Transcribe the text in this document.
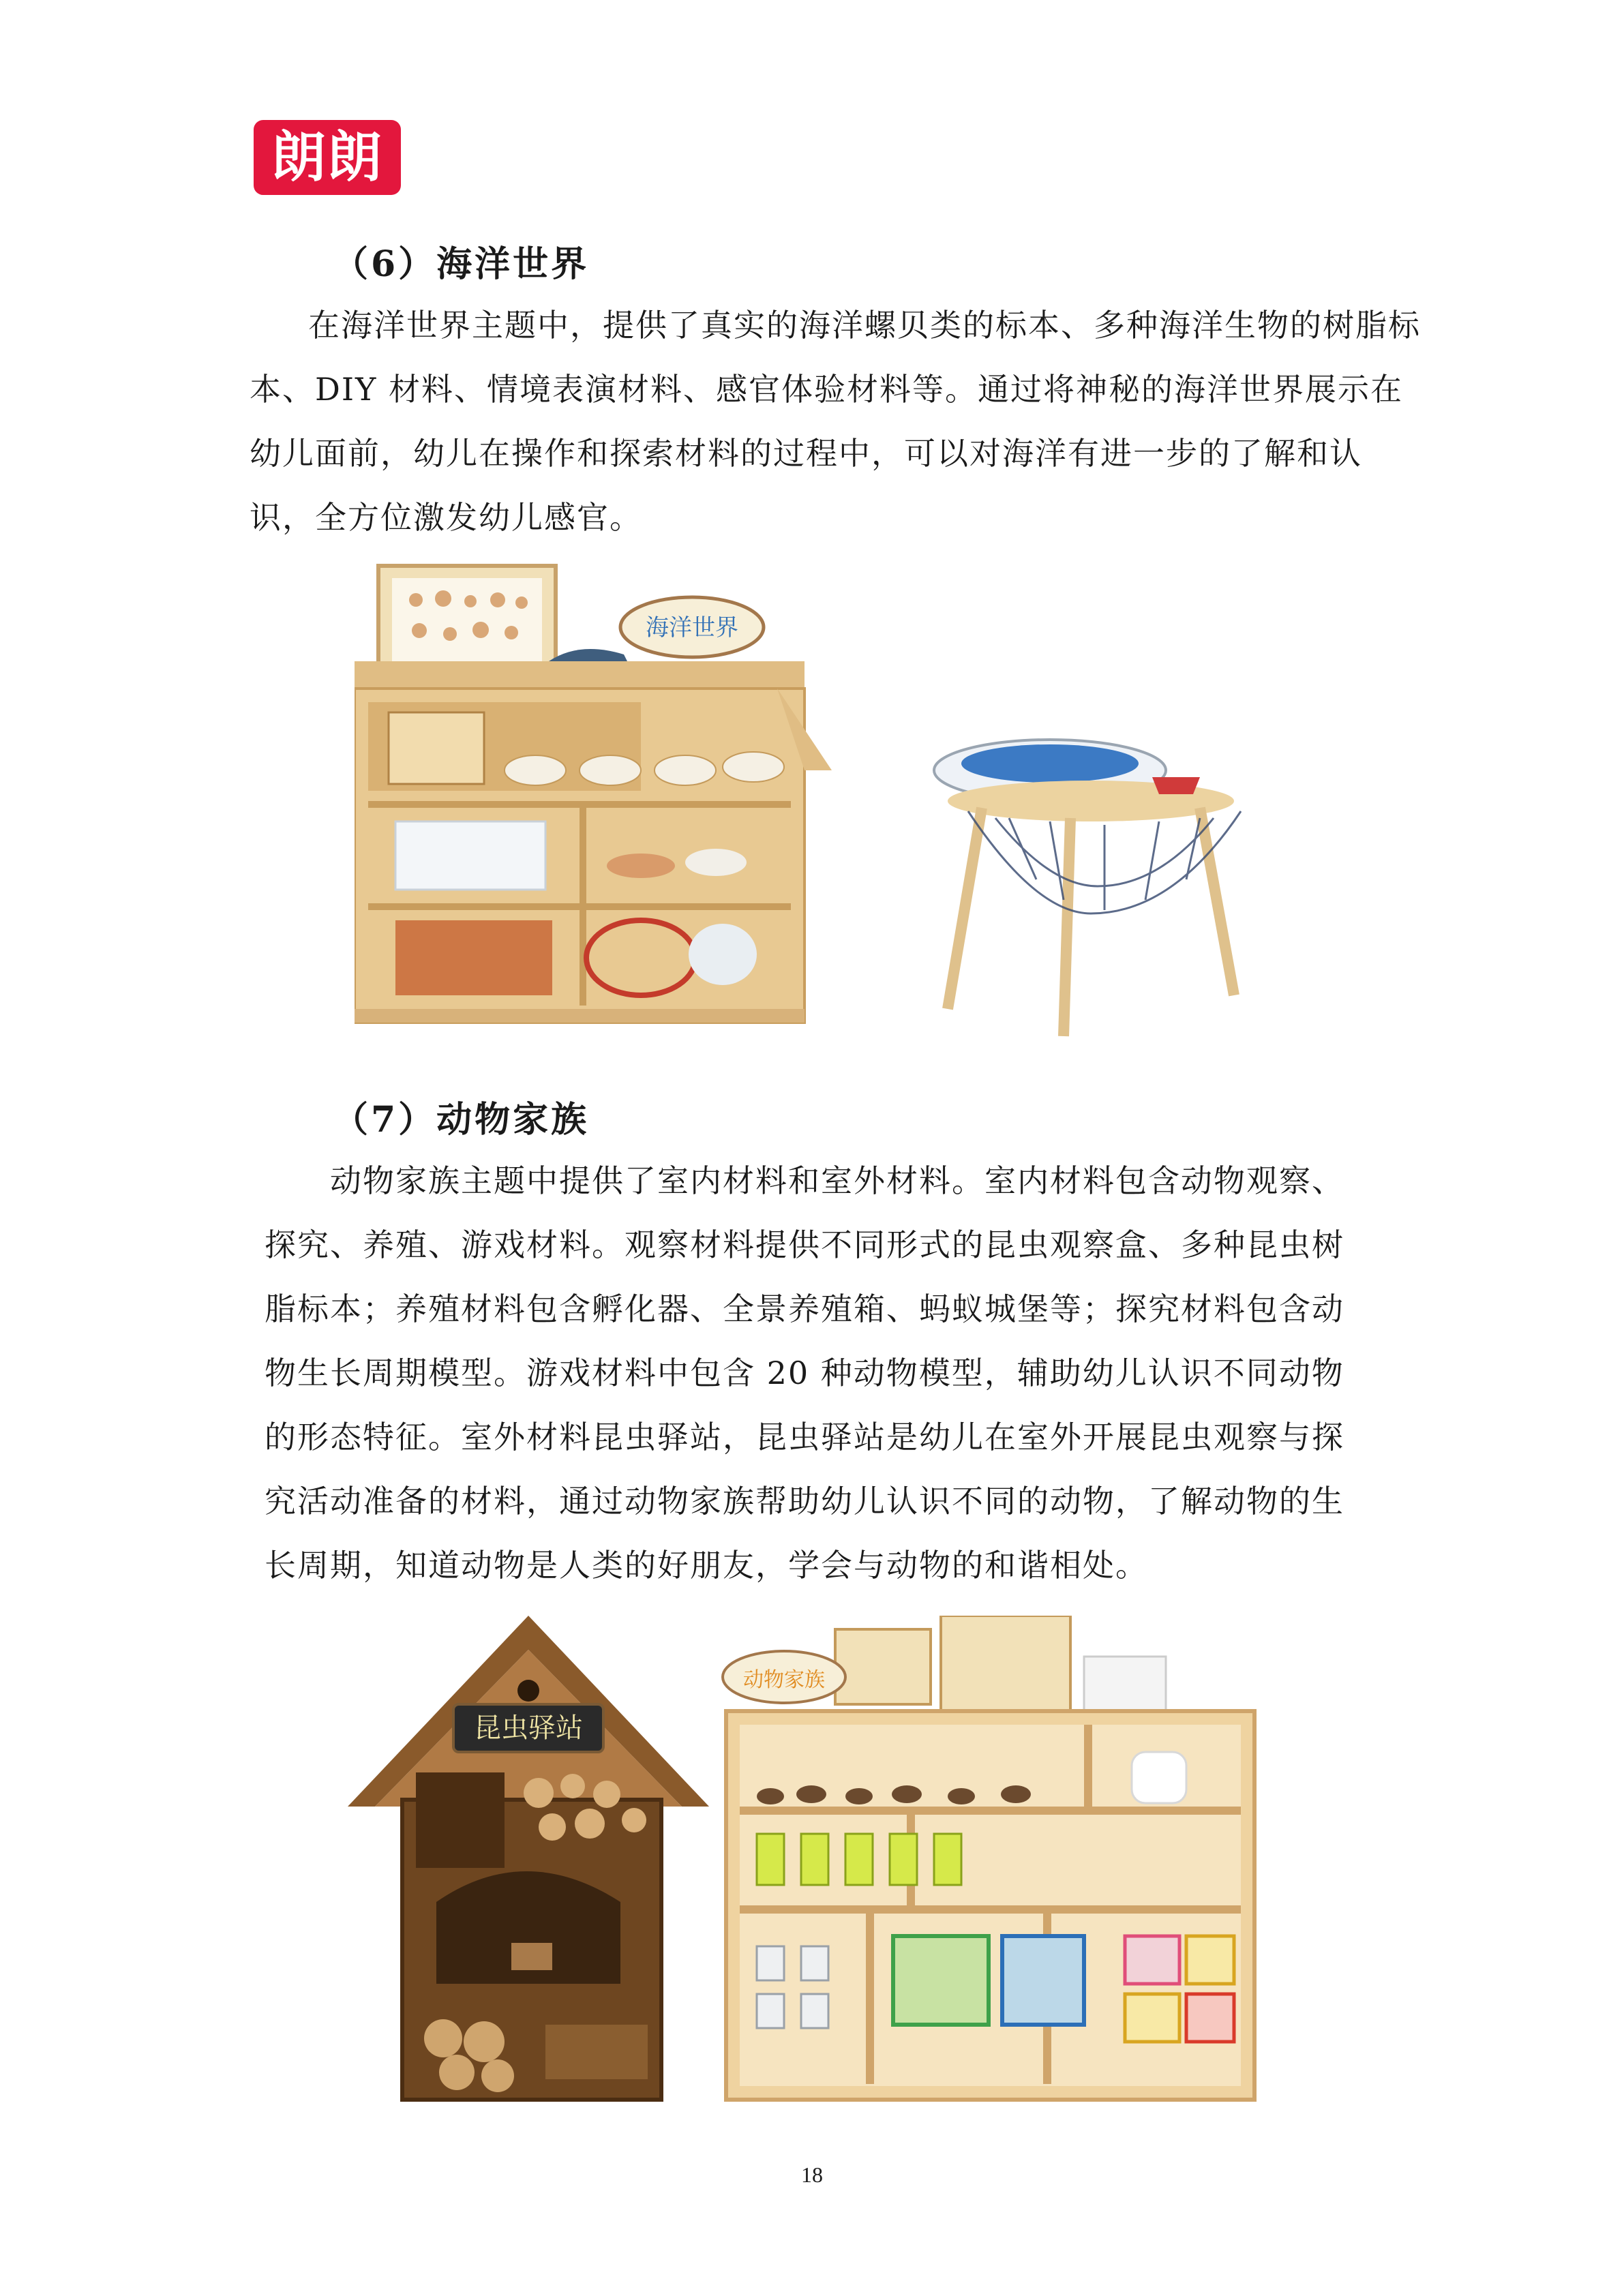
朗朗
（6）海洋世界
在海洋世界主题中，提供了真实的海洋螺贝类的标本、多种海洋生物的树脂标
本、DIY 材料、情境表演材料、感官体验材料等。通过将神秘的海洋世界展示在
幼儿面前，幼儿在操作和探索材料的过程中，可以对海洋有进一步的了解和认
识，全方位激发幼儿感官。
海洋世界
（7）动物家族
动物家族主题中提供了室内材料和室外材料。室内材料包含动物观察、
探究、养殖、游戏材料。观察材料提供不同形式的昆虫观察盒、多种昆虫树
脂标本；养殖材料包含孵化器、全景养殖箱、蚂蚁城堡等；探究材料包含动
物生长周期模型。游戏材料中包含 20 种动物模型，辅助幼儿认识不同动物
的形态特征。室外材料昆虫驿站，昆虫驿站是幼儿在室外开展昆虫观察与探
究活动准备的材料，通过动物家族帮助幼儿认识不同的动物，了解动物的生
长周期，知道动物是人类的好朋友，学会与动物的和谐相处。
昆虫驿站
动物家族
18
